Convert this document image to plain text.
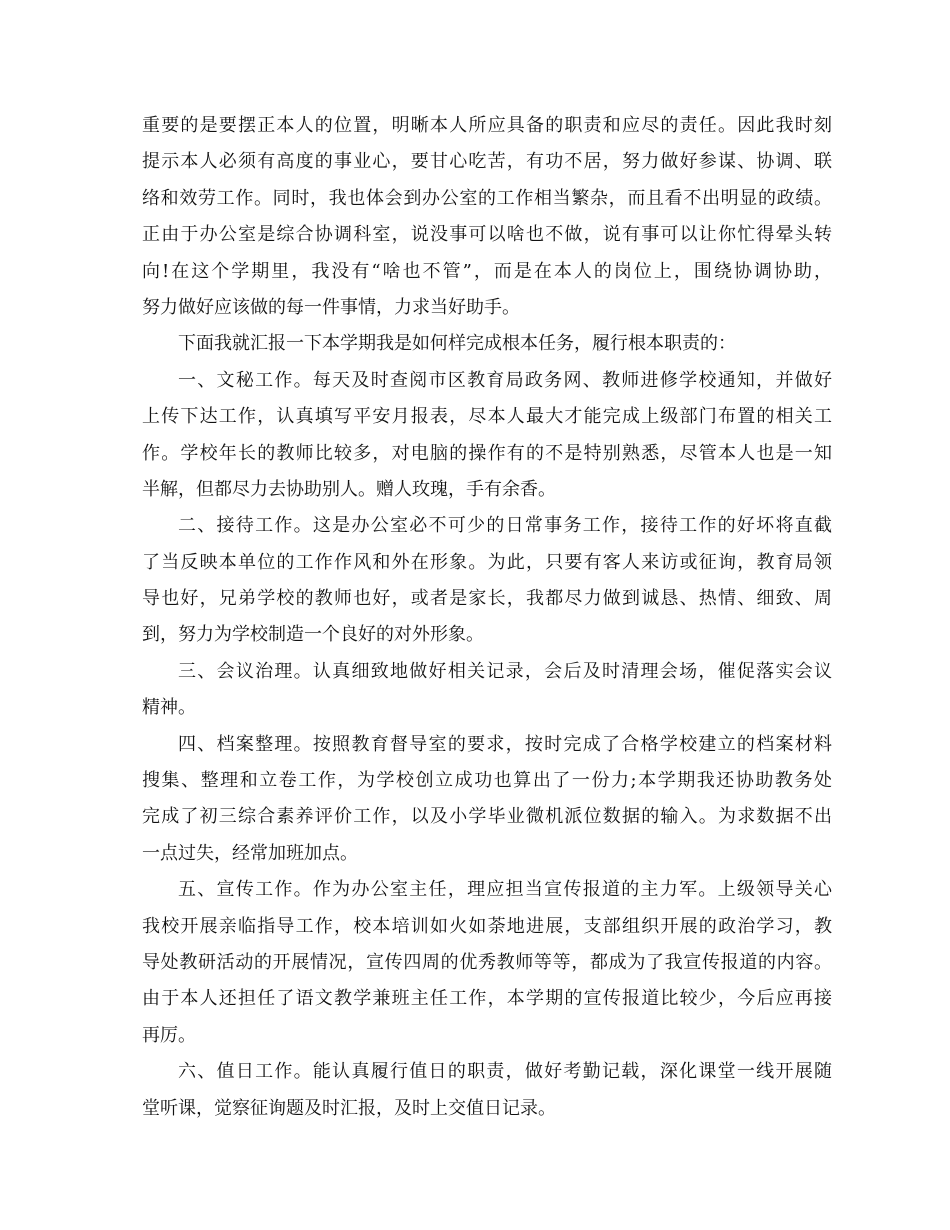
重要的是要摆正本人的位置，明晰本人所应具备的职责和应尽的责任。因此我时刻
提示本人必须有高度的事业心，要甘心吃苦，有功不居，努力做好参谋、协调、联
络和效劳工作。同时，我也体会到办公室的工作相当繁杂，而且看不出明显的政绩。
正由于办公室是综合协调科室，说没事可以啥也不做，说有事可以让你忙得晕头转
向!在这个学期里，我没有“啥也不管”，而是在本人的岗位上，围绕协调协助，
努力做好应该做的每一件事情，力求当好助手。
下面我就汇报一下本学期我是如何样完成根本任务，履行根本职责的：
一、文秘工作。每天及时查阅市区教育局政务网、教师进修学校通知，并做好
上传下达工作，认真填写平安月报表，尽本人最大才能完成上级部门布置的相关工
作。学校年长的教师比较多，对电脑的操作有的不是特别熟悉，尽管本人也是一知
半解，但都尽力去协助别人。赠人玫瑰，手有余香。
二、接待工作。这是办公室必不可少的日常事务工作，接待工作的好坏将直截
了当反映本单位的工作作风和外在形象。为此，只要有客人来访或征询，教育局领
导也好，兄弟学校的教师也好，或者是家长，我都尽力做到诚恳、热情、细致、周
到，努力为学校制造一个良好的对外形象。
三、会议治理。认真细致地做好相关记录，会后及时清理会场，催促落实会议
精神。
四、档案整理。按照教育督导室的要求，按时完成了合格学校建立的档案材料
搜集、整理和立卷工作，为学校创立成功也算出了一份力;本学期我还协助教务处
完成了初三综合素养评价工作，以及小学毕业微机派位数据的输入。为求数据不出
一点过失，经常加班加点。
五、宣传工作。作为办公室主任，理应担当宣传报道的主力军。上级领导关心
我校开展亲临指导工作，校本培训如火如荼地进展，支部组织开展的政治学习，教
导处教研活动的开展情况，宣传四周的优秀教师等等，都成为了我宣传报道的内容。
由于本人还担任了语文教学兼班主任工作，本学期的宣传报道比较少，今后应再接
再厉。
六、值日工作。能认真履行值日的职责，做好考勤记载，深化课堂一线开展随
堂听课，觉察征询题及时汇报，及时上交值日记录。
